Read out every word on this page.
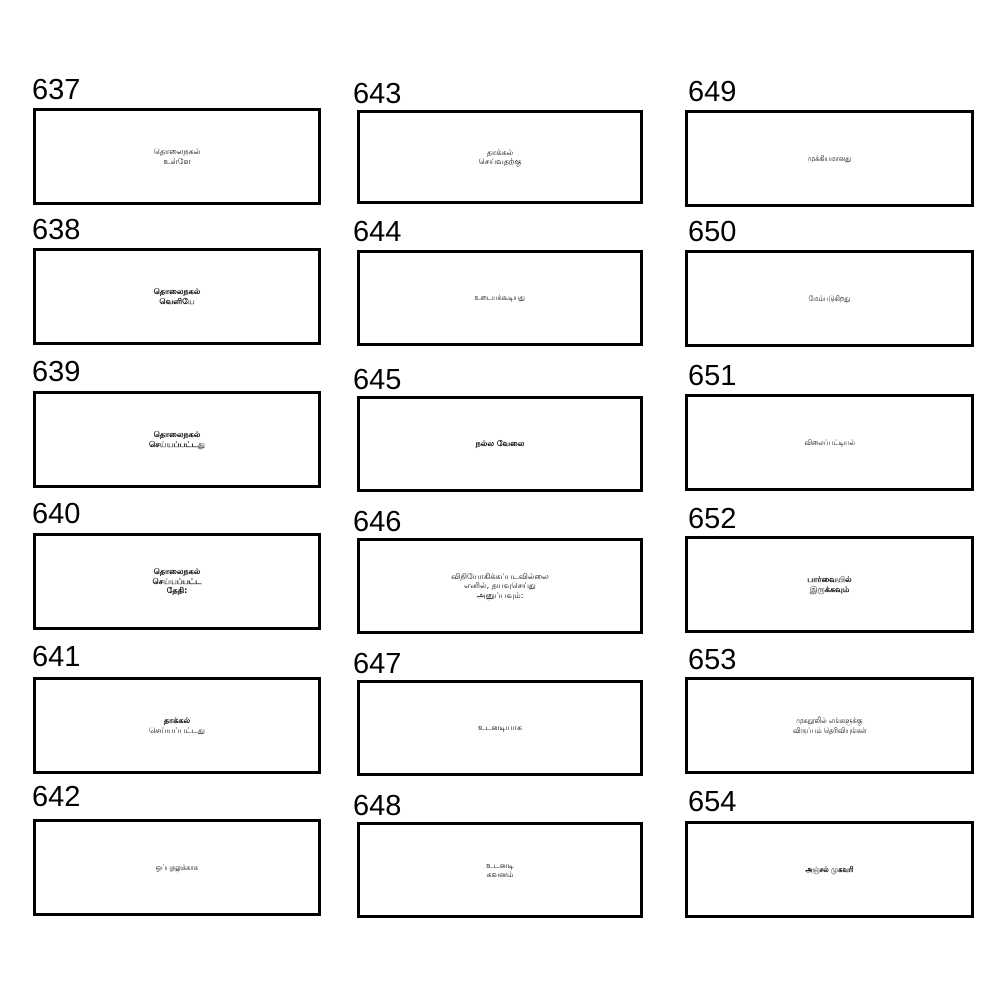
637
தொலைநகல்
உள்ளே
638
தொலைநகல்
வெளியே
639
தொலைநகல்
செய்யப்பட்டது
640
தொலைநகல்
செய்யப்பட்ட
தேதி:
641
தாக்கல்
செய்யப்பட்டது
642
ஒப்புதலுக்காக
643
தாக்கல்
செய்வதற்கு
644
உடையக்கூடியது
645
நல்ல வேலை
646
விநியோகிக்கப்படவில்லை
எனில், தயவுசெய்து
அனுப்பவும்:
647
உடனடியாக
648
உடனடி
கவனம்
649
முக்கியமானது
650
மேம்படுகிறது
651
விலைப்பட்டியல்
652
பார்வையில்
இருக்கவும்
653
முகநூலில் எங்களுக்கு
விருப்பம் தெரிவியுங்கள்
654
அஞ்சல் முகவரி
